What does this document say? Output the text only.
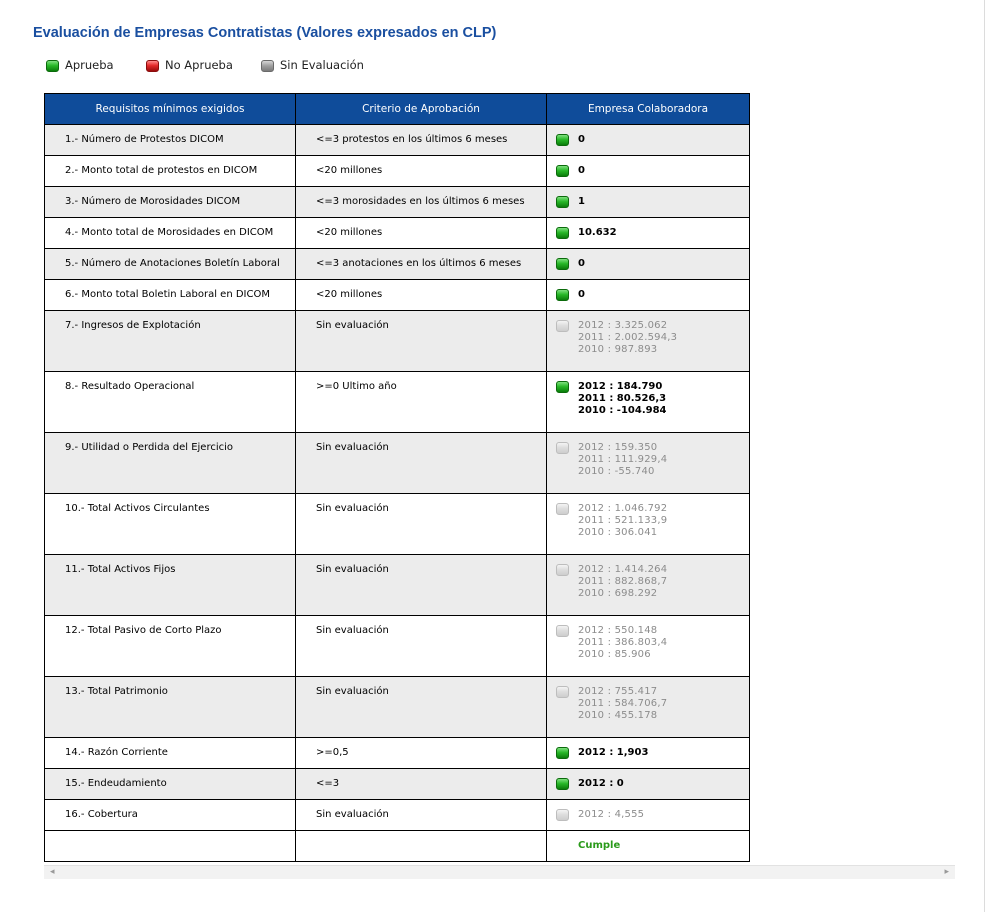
Evaluación de Empresas Contratistas (Valores expresados en CLP)
Aprueba	No Aprueba	Sin Evaluación
Requisitos mínimos exigidos	Criterio de Aprobación	Empresa Colaboradora
1.- Número de Protestos DICOM	<=3 protestos en los últimos 6 meses	0

2.- Monto total de protestos en DICOM	<20 millones	0

3.- Número de Morosidades DICOM	<=3 morosidades en los últimos 6 meses	1

4.- Monto total de Morosidades en DICOM	<20 millones	10.632

5.- Número de Anotaciones Boletín Laboral	<=3 anotaciones en los últimos 6 meses	0

6.- Monto total Boletin Laboral en DICOM	<20 millones	0

7.- Ingresos de Explotación	Sin evaluación	2012 : 3.325.062
2011 : 2.002.594,3
2010 : 987.893

8.- Resultado Operacional	>=0 Ultimo año	2012 : 184.790
2011 : 80.526,3
2010 : -104.984

9.- Utilidad o Perdida del Ejercicio	Sin evaluación	2012 : 159.350
2011 : 111.929,4
2010 : -55.740

10.- Total Activos Circulantes	Sin evaluación	2012 : 1.046.792
2011 : 521.133,9
2010 : 306.041

11.- Total Activos Fijos	Sin evaluación	2012 : 1.414.264
2011 : 882.868,7
2010 : 698.292

12.- Total Pasivo de Corto Plazo	Sin evaluación	2012 : 550.148
2011 : 386.803,4
2010 : 85.906

13.- Total Patrimonio	Sin evaluación	2012 : 755.417
2011 : 584.706,7
2010 : 455.178

14.- Razón Corriente	>=0,5	2012 : 1,903

15.- Endeudamiento	<=3	2012 : 0

16.- Cobertura	Sin evaluación	2012 : 4,555

		Cumple
◂	▸
